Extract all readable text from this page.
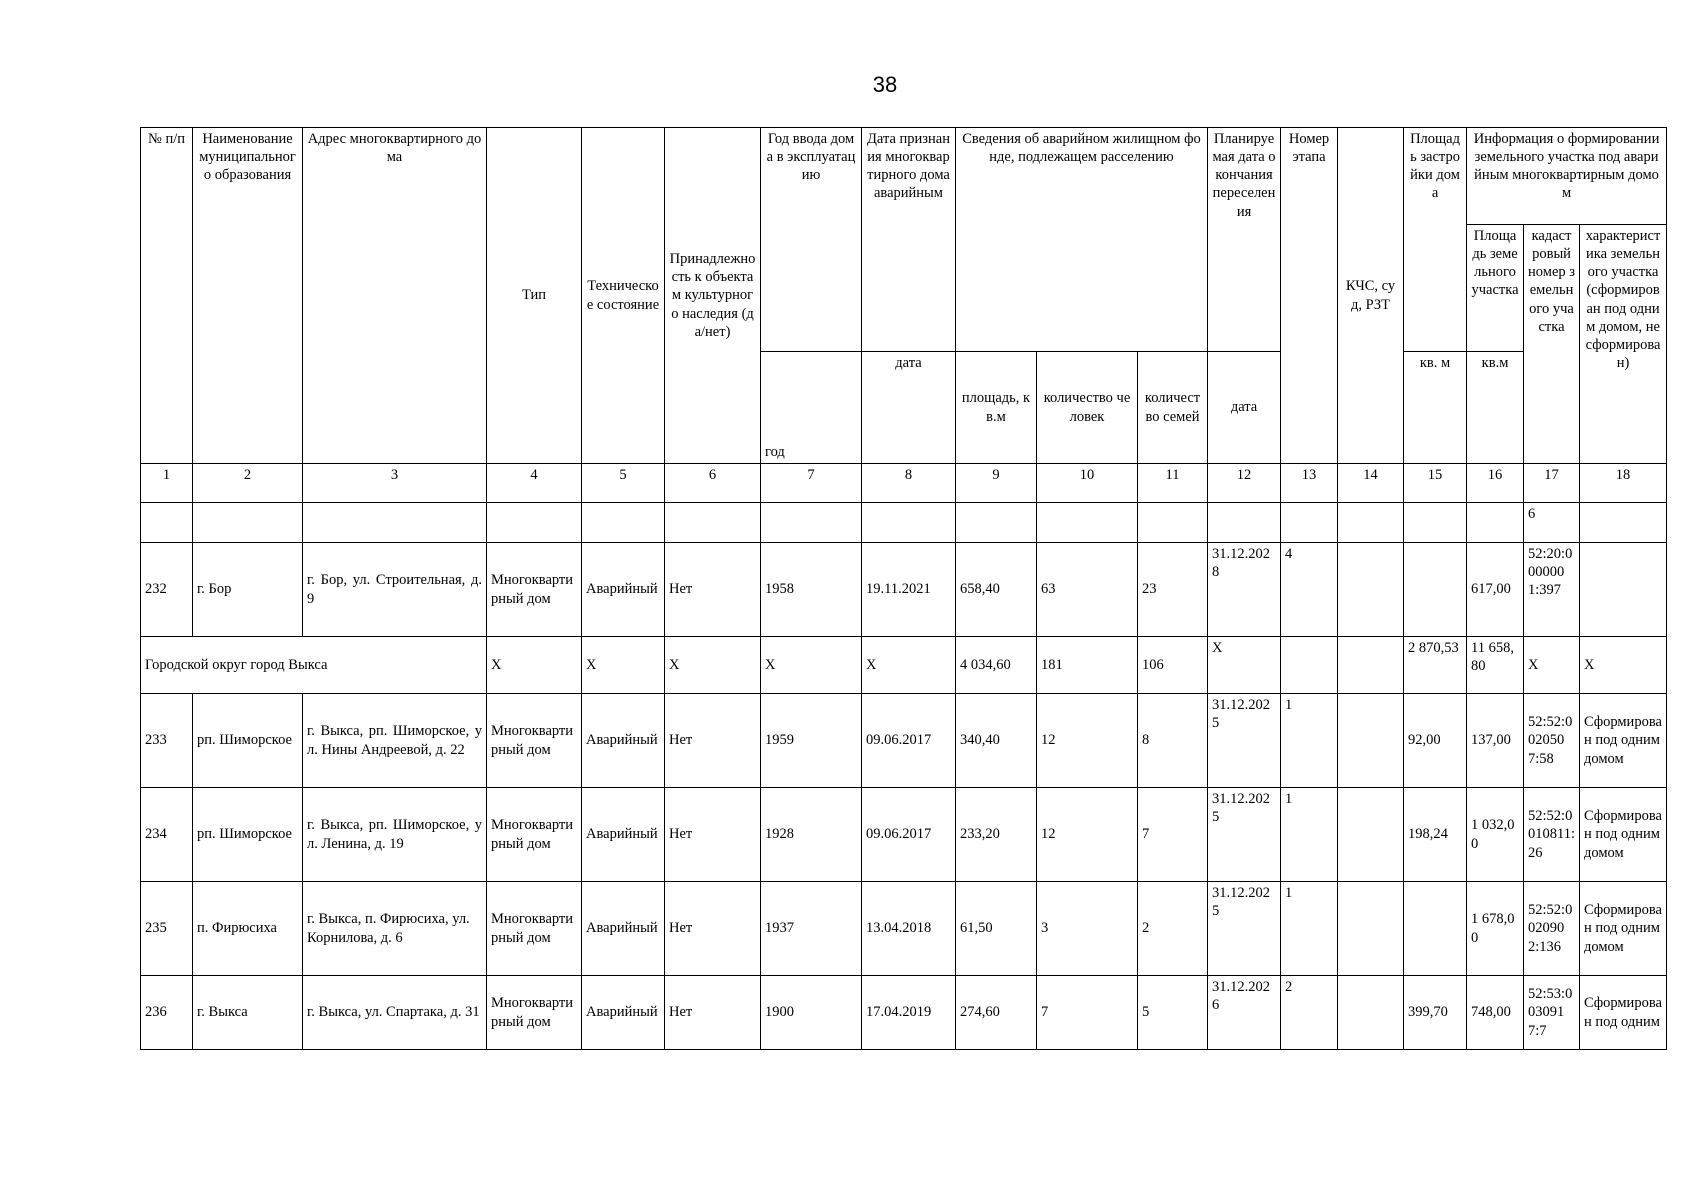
38
№ п/п	Наименование муниципального образования	Адрес многоквартирного дома	Тип	Техническое состояние	Принадлежность к объектам культурного наследия (да/нет)	Год ввода дома в эксплуатацию	Дата признания многоквартирного дома аварийным	Сведения об аварийном жилищном фонде, подлежащем расселению			Планируемая дата окончания переселения	Номер этапа	КЧС, суд, РЗТ	Площадь застройки дома	Информация о формировании земельного участка под аварийным многоквартирным домом		
															Площадь земельного участка	кадастровый номер земельного участка	характеристика земельного участка (сформирован под одним домом, не сформирован)
						год	дата	площадь, кв.м	количество человек	количество семей	дата			кв. м	кв.м		
1	2	3	4	5	6	7	8	9	10	11	12	13	14	15	16	17	18
																6	
232	г. Бор	г. Бор, ул. Строительная, д. 9	Многоквартирный дом	Аварийный	Нет	1958	19.11.2021	658,40	63	23	31.12.2028	4			617,00	52:20:0000001:397	
Городской округ город Выкса			X	X	X	X	X	4 034,60	181	106	X			2 870,53	11 658,80	X	X
233	рп. Шиморское	г. Выкса, рп. Шиморское, ул. Нины Андреевой, д. 22	Многоквартирный дом	Аварийный	Нет	1959	09.06.2017	340,40	12	8	31.12.2025	1		92,00	137,00	52:52:0020507:58	Сформирован под одним домом
234	рп. Шиморское	г. Выкса, рп. Шиморское, ул. Ленина, д. 19	Многоквартирный дом	Аварийный	Нет	1928	09.06.2017	233,20	12	7	31.12.2025	1		198,24	1 032,00	52:52:0010811:26	Сформирован под одним домом
235	п. Фирюсиха	г. Выкса, п. Фирюсиха, ул. Корнилова, д. 6	Многоквартирный дом	Аварийный	Нет	1937	13.04.2018	61,50	3	2	31.12.2025	1			1 678,00	52:52:0020902:136	Сформирован под одним домом
236	г. Выкса	г. Выкса, ул. Спартака, д. 31	Многоквартирный дом	Аварийный	Нет	1900	17.04.2019	274,60	7	5	31.12.2026	2		399,70	748,00	52:53:0030917:7	Сформирован под одним
